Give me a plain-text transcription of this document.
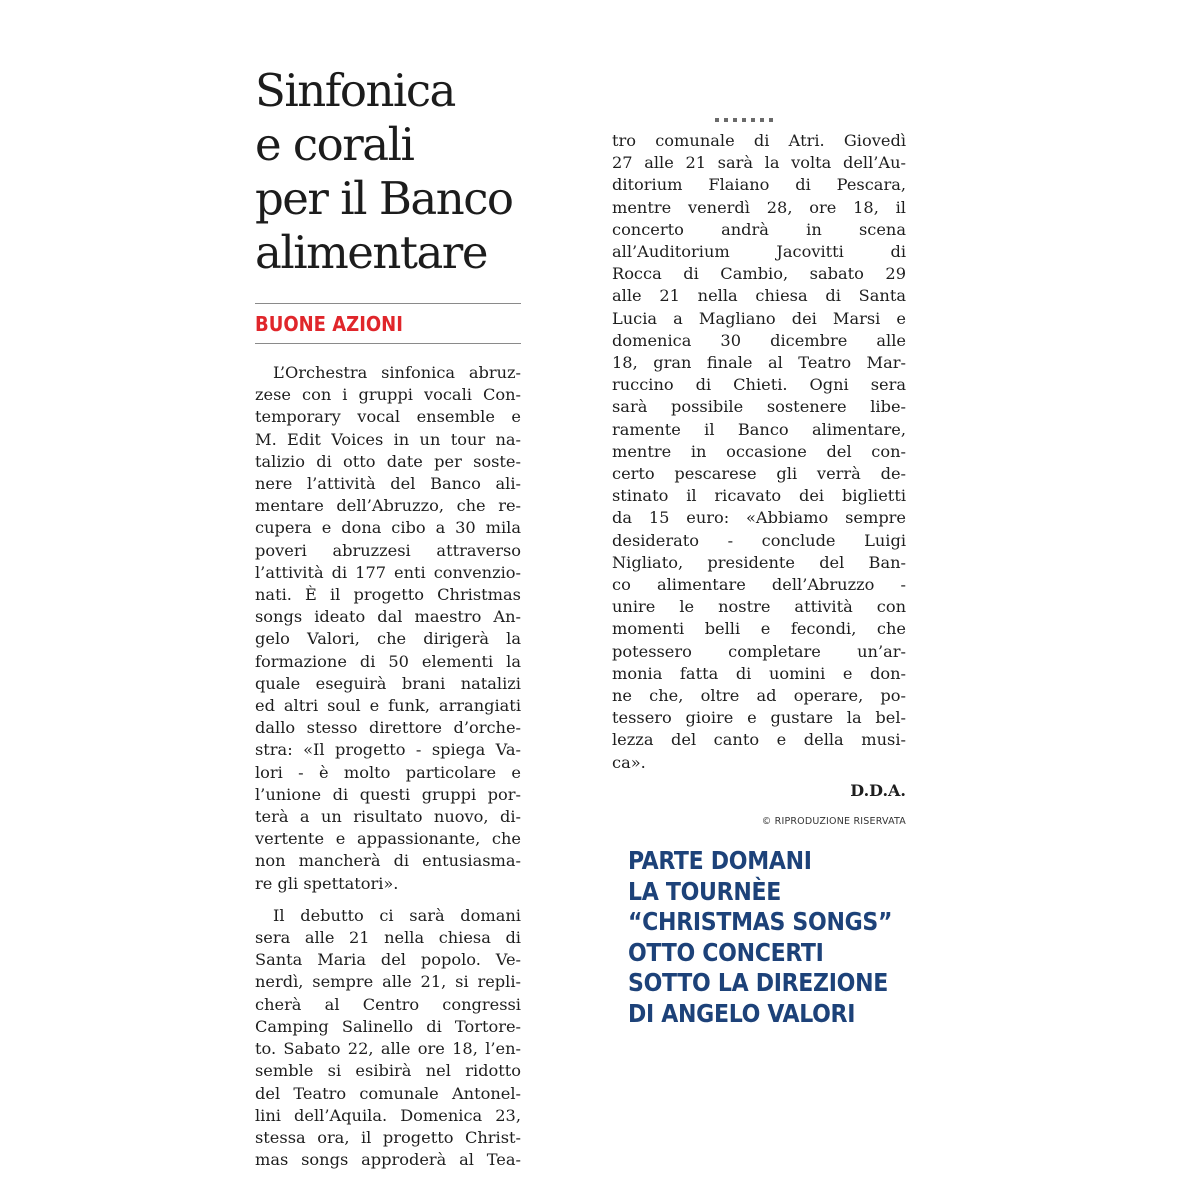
Sinfonica
e corali
per il Banco
alimentare
BUONE AZIONI
L’Orchestra sinfonica abruz-
zese con i gruppi vocali Con-
temporary vocal ensemble e
M. Edit Voices in un tour na-
talizio di otto date per soste-
nere l’attività del Banco ali-
mentare dell’Abruzzo, che re-
cupera e dona cibo a 30 mila
poveri abruzzesi attraverso
l’attività di 177 enti convenzio-
nati. È il progetto Christmas
songs ideato dal maestro An-
gelo Valori, che dirigerà la
formazione di 50 elementi la
quale eseguirà brani natalizi
ed altri soul e funk, arrangiati
dallo stesso direttore d’orche-
stra: «Il progetto - spiega Va-
lori - è molto particolare e
l’unione di questi gruppi por-
terà a un risultato nuovo, di-
vertente e appassionante, che
non mancherà di entusiasma-
re gli spettatori».
Il debutto ci sarà domani
sera alle 21 nella chiesa di
Santa Maria del popolo. Ve-
nerdì, sempre alle 21, si repli-
cherà al Centro congressi
Camping Salinello di Tortore-
to. Sabato 22, alle ore 18, l’en-
semble si esibirà nel ridotto
del Teatro comunale Antonel-
lini dell’Aquila. Domenica 23,
stessa ora, il progetto Christ-
mas songs approderà al Tea-
tro comunale di Atri. Giovedì
27 alle 21 sarà la volta dell’Au-
ditorium Flaiano di Pescara,
mentre venerdì 28, ore 18, il
concerto andrà in scena
all’Auditorium Jacovitti di
Rocca di Cambio, sabato 29
alle 21 nella chiesa di Santa
Lucia a Magliano dei Marsi e
domenica 30 dicembre alle
18, gran finale al Teatro Mar-
ruccino di Chieti. Ogni sera
sarà possibile sostenere libe-
ramente il Banco alimentare,
mentre in occasione del con-
certo pescarese gli verrà de-
stinato il ricavato dei biglietti
da 15 euro: «Abbiamo sempre
desiderato - conclude Luigi
Nigliato, presidente del Ban-
co alimentare dell’Abruzzo -
unire le nostre attività con
momenti belli e fecondi, che
potessero completare un’ar-
monia fatta di uomini e don-
ne che, oltre ad operare, po-
tessero gioire e gustare la bel-
lezza del canto e della musi-
ca».
D.D.A.
© RIPRODUZIONE RISERVATA
PARTE DOMANI
LA TOURNÈE
“CHRISTMAS SONGS”
OTTO CONCERTI
SOTTO LA DIREZIONE
DI ANGELO VALORI
